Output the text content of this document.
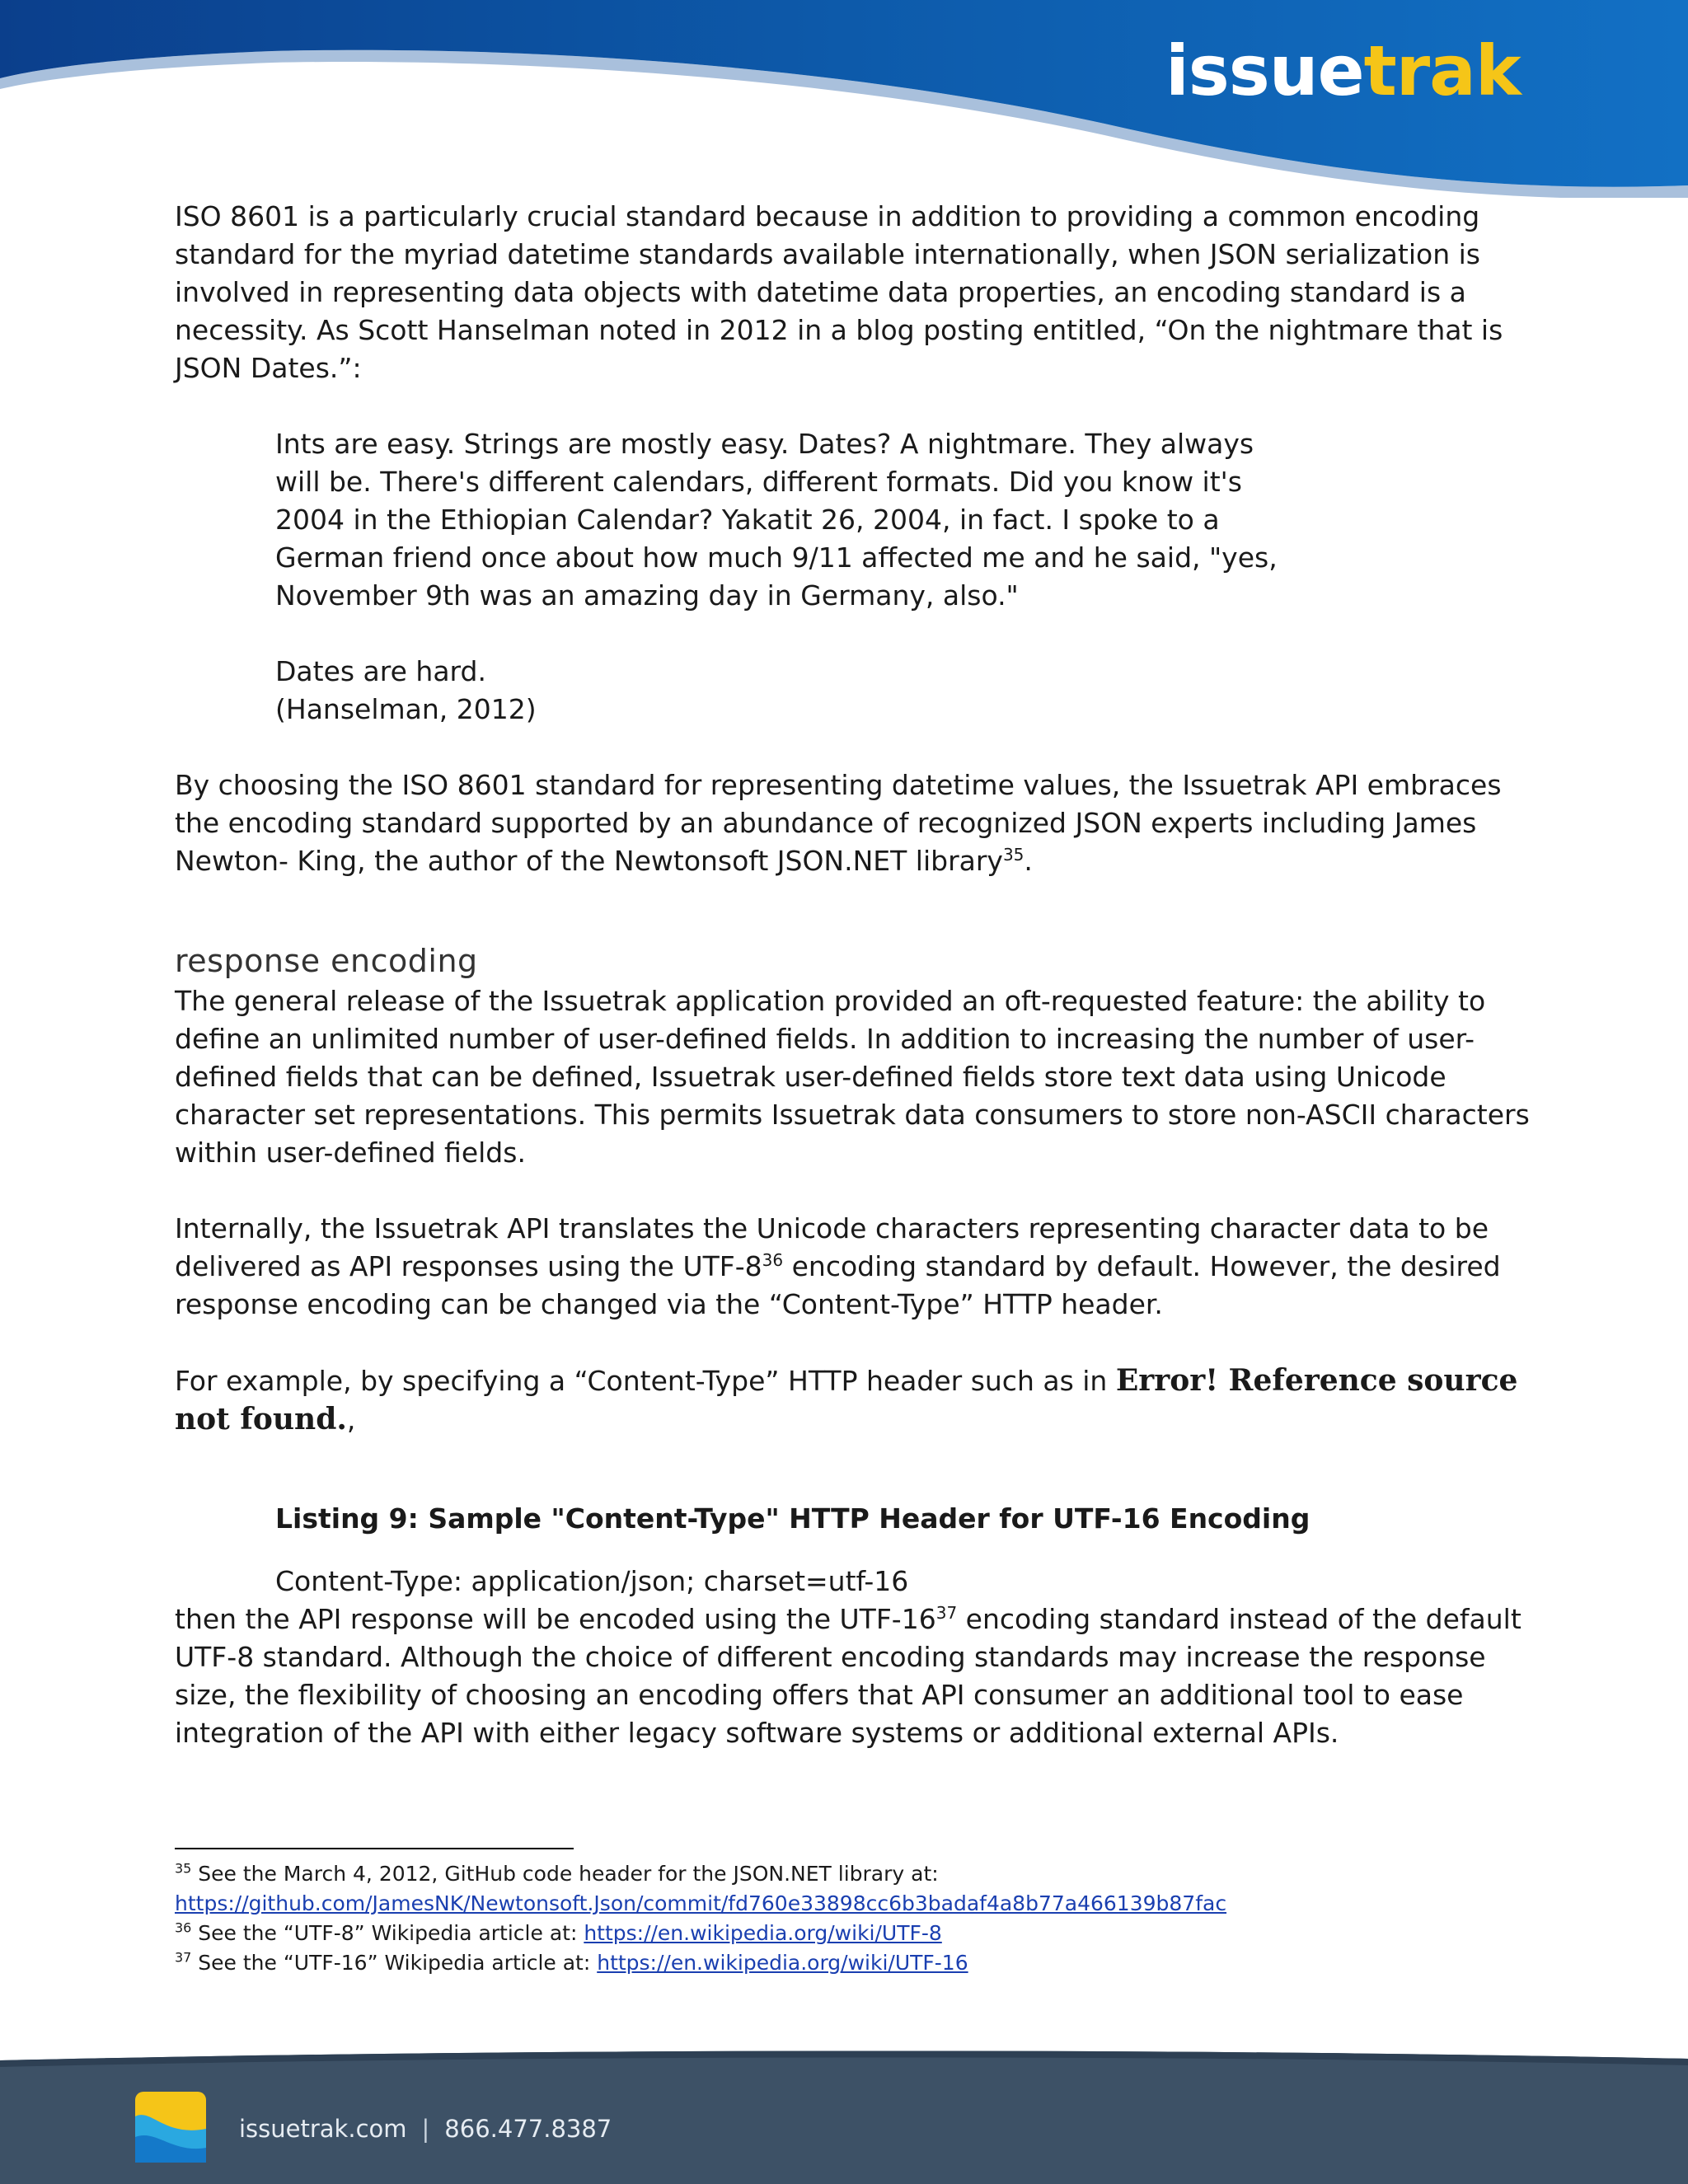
issuetrak

ISO 8601 is a particularly crucial standard because in addition to providing a common encoding standard for the myriad datetime standards available internationally, when JSON serialization is involved in representing data objects with datetime data properties, an encoding standard is a necessity. As Scott Hanselman noted in 2012 in a blog posting entitled, “On the nightmare that is JSON Dates.”:

Ints are easy. Strings are mostly easy. Dates? A nightmare. They always will be. There's different calendars, different formats. Did you know it's 2004 in the Ethiopian Calendar? Yakatit 26, 2004, in fact. I spoke to a German friend once about how much 9/11 affected me and he said, "yes, November 9th was an amazing day in Germany, also."

Dates are hard.

(Hanselman, 2012)

By choosing the ISO 8601 standard for representing datetime values, the Issuetrak API embraces the encoding standard supported by an abundance of recognized JSON experts including James Newton- King, the author of the Newtonsoft JSON.NET library$^{35}$.

response encoding

The general release of the Issuetrak application provided an oft-requested feature: the ability to define an unlimited number of user-defined fields. In addition to increasing the number of user-defined fields that can be defined, Issuetrak user-defined fields store text data using Unicode character set representations. This permits Issuetrak data consumers to store non-ASCII characters within user-defined fields.

Internally, the Issuetrak API translates the Unicode characters representing character data to be delivered as API responses using the UTF-$8^{36}$ encoding standard by default. However, the desired response encoding can be changed via the “Content-Type” HTTP header.

For example, by specifying a “Content-Type” HTTP header such as in Error! Reference source not found.,

Listing 9: Sample "Content-Type" HTTP Header for UTF-16 Encoding

Content-Type: application/json; charset=utf-16

then the API response will be encoded using the UTF-$16^{37}$ encoding standard instead of the default UTF-8 standard. Although the choice of different encoding standards may increase the response size, the flexibility of choosing an encoding offers that API consumer an additional tool to ease integration of the API with either legacy software systems or additional external APIs.

$^{35}$ See the March 4, 2012, GitHub code header for the JSON.NET library at:

https://github.com/JamesNK/Newtonsoft.Json/commit/fd760e33898cc6b3badaf4a8b77a466139b87fac

$^{36}$ See the “UTF-8” Wikipedia article at: https://en.wikipedia.org/wiki/UTF-8

$^{37}$ See the “UTF-16” Wikipedia article at: https://en.wikipedia.org/wiki/UTF-16

issuetrak.com | 866.477.8387
